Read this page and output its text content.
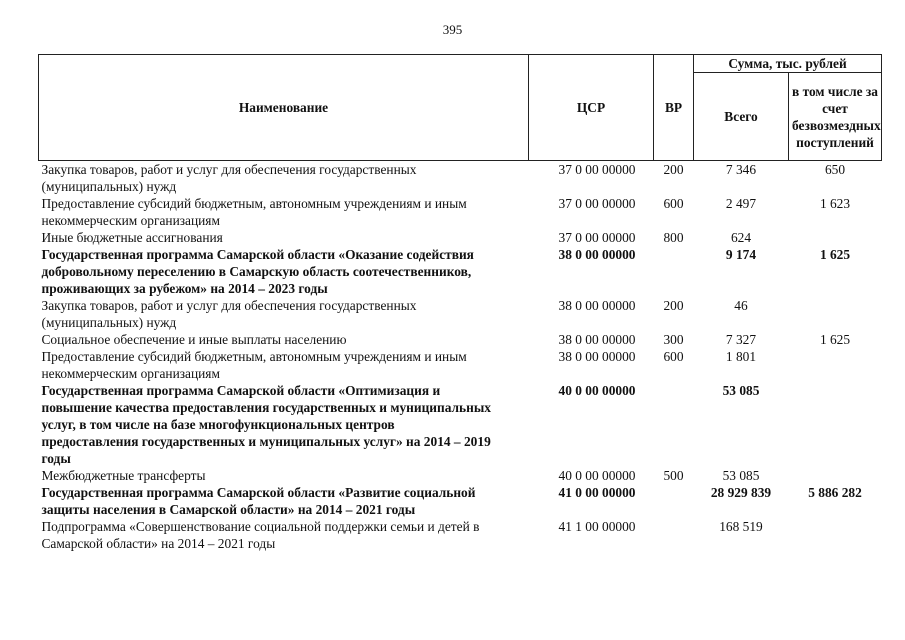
395
Наименование	ЦСР	ВР	Сумма, тыс. рублей	
			Всего	в том числе за счет безвозмездных поступлений
Закупка товаров, работ и услуг для обеспечения государственных (муниципальных) нужд	37 0 00 00000	200	7 346	650
Предоставление субсидий бюджетным, автономным учреждениям и иным некоммерческим организациям	37 0 00 00000	600	2 497	1 623
Иные бюджетные ассигнования	37 0 00 00000	800	624	
Государственная программа Самарской области «Оказание содействия добровольному переселению в Самарскую область соотечественников, проживающих за рубежом» на 2014 – 2023 годы	38 0 00 00000		9 174	1 625
Закупка товаров, работ и услуг для обеспечения государственных (муниципальных) нужд	38 0 00 00000	200	46	
Социальное обеспечение и иные выплаты населению	38 0 00 00000	300	7 327	1 625
Предоставление субсидий бюджетным, автономным учреждениям и иным некоммерческим организациям	38 0 00 00000	600	1 801	
Государственная программа Самарской области «Оптимизация и повышение качества предоставления государственных и муниципальных услуг, в том числе на базе многофункциональных центров предоставления государственных и муниципальных услуг» на 2014 – 2019 годы	40 0 00 00000		53 085	
Межбюджетные трансферты	40 0 00 00000	500	53 085	
Государственная программа Самарской области «Развитие социальной защиты населения в Самарской области» на 2014 – 2021 годы	41 0 00 00000		28 929 839	5 886 282
Подпрограмма «Совершенствование социальной поддержки семьи и детей в Самарской области» на 2014 – 2021 годы	41 1 00 00000		168 519	
